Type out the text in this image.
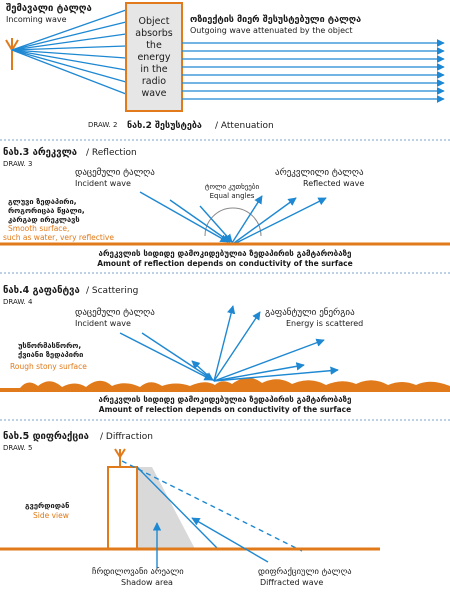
შემავალი ტალღა
Incoming wave	Object
absorbs
the
energy
in the
radio
wave
ოზიექტის მიერ შესუსტებული ტალღა
Outgoing wave attenuated by the object
DRAW. 2 ნახ.2 შესუსტება / Attenuation
ნახ.3 არეკვლა / Reflection
DRAW. 3
დაცემული ტალღა
Incident wave	ტოლი კუთხეები
Equal angles
არეკვლილი ტალღა
Reflected wave
გლუვი ზედაპირი,
როგორიცაა წყალი,
კარგად ირეკლავს
Smooth surface,
such as water, very reflective
არეკვლის სიდიდე დამოკიდებულია ზედაპირის გამტარობაზე
Amount of reflection depends on conductivity of the surface
ნახ.4 გაფანტვა / Scattering
DRAW. 4
დაცემული ტალღა
Incident wave
გაფანტული ენერგია
Energy is scattered
უსწორმასწორო,
ქვიანი ზედაპირი
Rough stony surface
არეკვლის სიდიდე დამოკიდებულია ზედაპირის გამტარობაზე
Amount of relection depends on conductivity of the surface
ნახ.5 დიფრაქცია / Diffraction
DRAW. 5
გვერდიდან
Side view
ჩრდილოვანი არეალი
Shadow area
დიფრაქციული ტალღა
Diffracted wave
